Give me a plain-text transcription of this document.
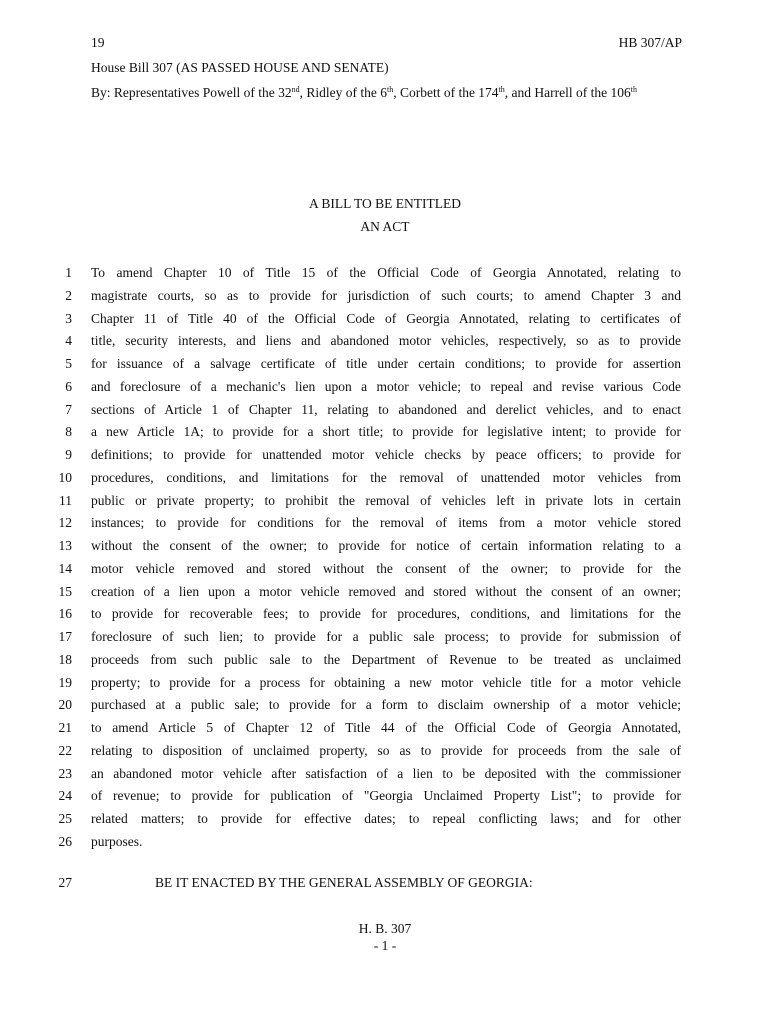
19	HB 307/AP
House Bill 307 (AS PASSED HOUSE AND SENATE)
By: Representatives Powell of the 32nd, Ridley of the 6th, Corbett of the 174th, and Harrell of the 106th
A BILL TO BE ENTITLED
AN ACT
1 To amend Chapter 10 of Title 15 of the Official Code of Georgia Annotated, relating to
2 magistrate courts, so as to provide for jurisdiction of such courts; to amend Chapter 3 and
3 Chapter 11 of Title 40 of the Official Code of Georgia Annotated, relating to certificates of
4 title, security interests, and liens and abandoned motor vehicles, respectively, so as to provide
5 for issuance of a salvage certificate of title under certain conditions; to provide for assertion
6 and foreclosure of a mechanic's lien upon a motor vehicle; to repeal and revise various Code
7 sections of Article 1 of Chapter 11, relating to abandoned and derelict vehicles, and to enact
8 a new Article 1A; to provide for a short title; to provide for legislative intent; to provide for
9 definitions; to provide for unattended motor vehicle checks by peace officers; to provide for
10 procedures, conditions, and limitations for the removal of unattended motor vehicles from
11 public or private property; to prohibit the removal of vehicles left in private lots in certain
12 instances; to provide for conditions for the removal of items from a motor vehicle stored
13 without the consent of the owner; to provide for notice of certain information relating to a
14 motor vehicle removed and stored without the consent of the owner; to provide for the
15 creation of a lien upon a motor vehicle removed and stored without the consent of an owner;
16 to provide for recoverable fees; to provide for procedures, conditions, and limitations for the
17 foreclosure of such lien; to provide for a public sale process; to provide for submission of
18 proceeds from such public sale to the Department of Revenue to be treated as unclaimed
19 property; to provide for a process for obtaining a new motor vehicle title for a motor vehicle
20 purchased at a public sale; to provide for a form to disclaim ownership of a motor vehicle;
21 to amend Article 5 of Chapter 12 of Title 44 of the Official Code of Georgia Annotated,
22 relating to disposition of unclaimed property, so as to provide for proceeds from the sale of
23 an abandoned motor vehicle after satisfaction of a lien to be deposited with the commissioner
24 of revenue; to provide for publication of "Georgia Unclaimed Property List"; to provide for
25 related matters; to provide for effective dates; to repeal conflicting laws; and for other
26 purposes.
27	BE IT ENACTED BY THE GENERAL ASSEMBLY OF GEORGIA:
H. B. 307
- 1 -
